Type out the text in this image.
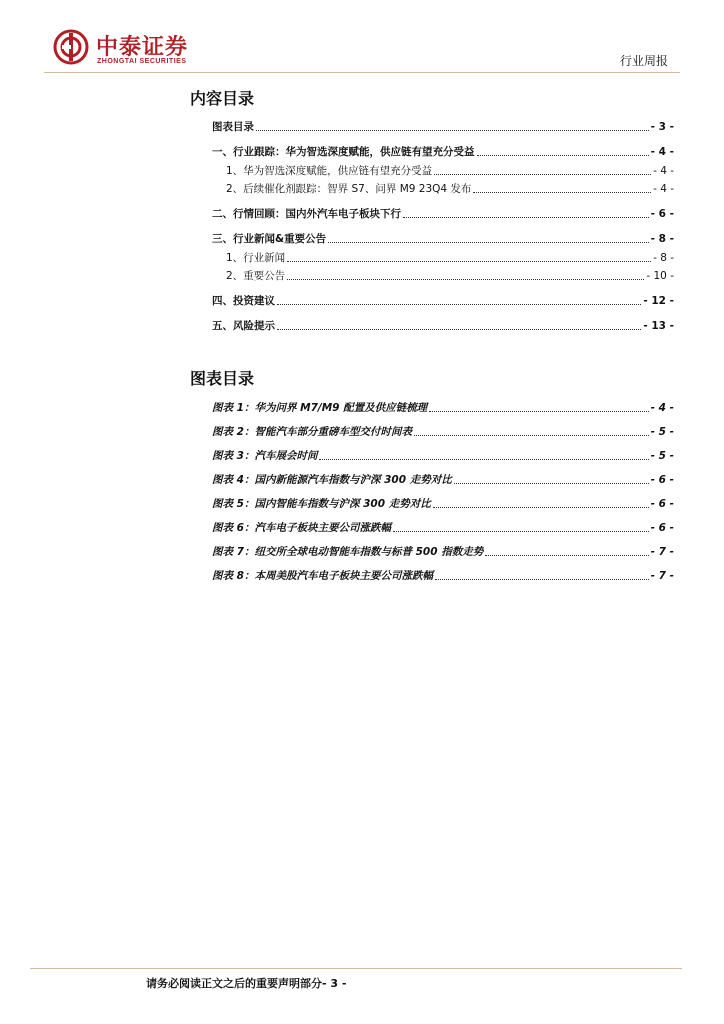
中泰证券
ZHONGTAI SECURITIES	行业周报
内容目录
图表目录	- 3 -
一、行业跟踪：华为智选深度赋能，供应链有望充分受益	- 4 -
1、华为智选深度赋能，供应链有望充分受益	- 4 -
2、后续催化剂跟踪：智界 S7、问界 M9 23Q4 发布	- 4 -
二、行情回顾：国内外汽车电子板块下行	- 6 -
三、行业新闻&重要公告	- 8 -
1、行业新闻	- 8 -
2、重要公告	- 10 -
四、投资建议	- 12 -
五、风险提示	- 13 -
图表目录
图表 1：华为问界 M7/M9 配置及供应链梳理	- 4 -
图表 2：智能汽车部分重磅车型交付时间表	- 5 -
图表 3：汽车展会时间	- 5 -
图表 4：国内新能源汽车指数与沪深 300 走势对比	- 6 -
图表 5：国内智能车指数与沪深 300 走势对比	- 6 -
图表 6：汽车电子板块主要公司涨跌幅	- 6 -
图表 7：纽交所全球电动智能车指数与标普 500 指数走势	- 7 -
图表 8：本周美股汽车电子板块主要公司涨跌幅	- 7 -
请务必阅读正文之后的重要声明部分- 3 -
